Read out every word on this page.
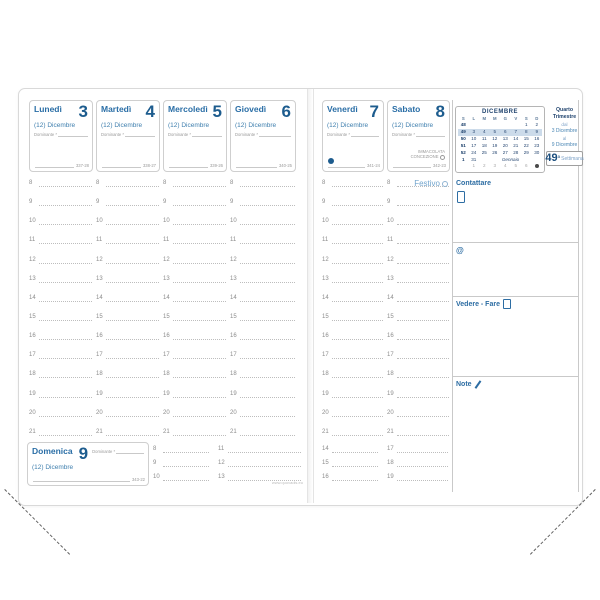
Lunedì 3
(12) Dicembre
Dominante *
337-28
8
9
10
11
12
13
14
15
16
17
18
19
20
21
Martedì 4
(12) Dicembre
Dominante *
338-27
8
9
10
11
12
13
14
15
16
17
18
19
20
21
Mercoledì 5
(12) Dicembre
Dominante *
339-26
8
9
10
11
12
13
14
15
16
17
18
19
20
21
Giovedì 6
(12) Dicembre
Dominante *
340-25
8
9
10
11
12
13
14
15
16
17
18
19
20
21
Venerdì 7
(12) Dicembre
Dominante *
341-24
8
9
10
11
12
13
14
15
16
17
18
19
20
21
Sabato 8
(12) Dicembre
Dominante *
IMMACOLATA
CONCEZIONE
342-23
8
9
10
11
12
13
14
15
16
17
18
19
20
21
Festivo
Domenica 9 Dominante *
(12) Dicembre
343-22
8
9
10
11
12
13
14
15
16
17
18
19
DICEMBRE
S	L	M	M	G	V	S	D
48						1	2
49	3	4	5	6	7	8	9
50	10	11	12	13	14	15	16
51	17	18	19	20	21	22	23
52	24	25	26	27	28	29	30
1	31	Gennaio					
	1	2	3	4	5	6	
Quarto Trimestre
dal
3 Dicembre
al
9 Dicembre
49 a Settimana
Contattare
@
Vedere - Fare
Note
www.quovadis.eu
